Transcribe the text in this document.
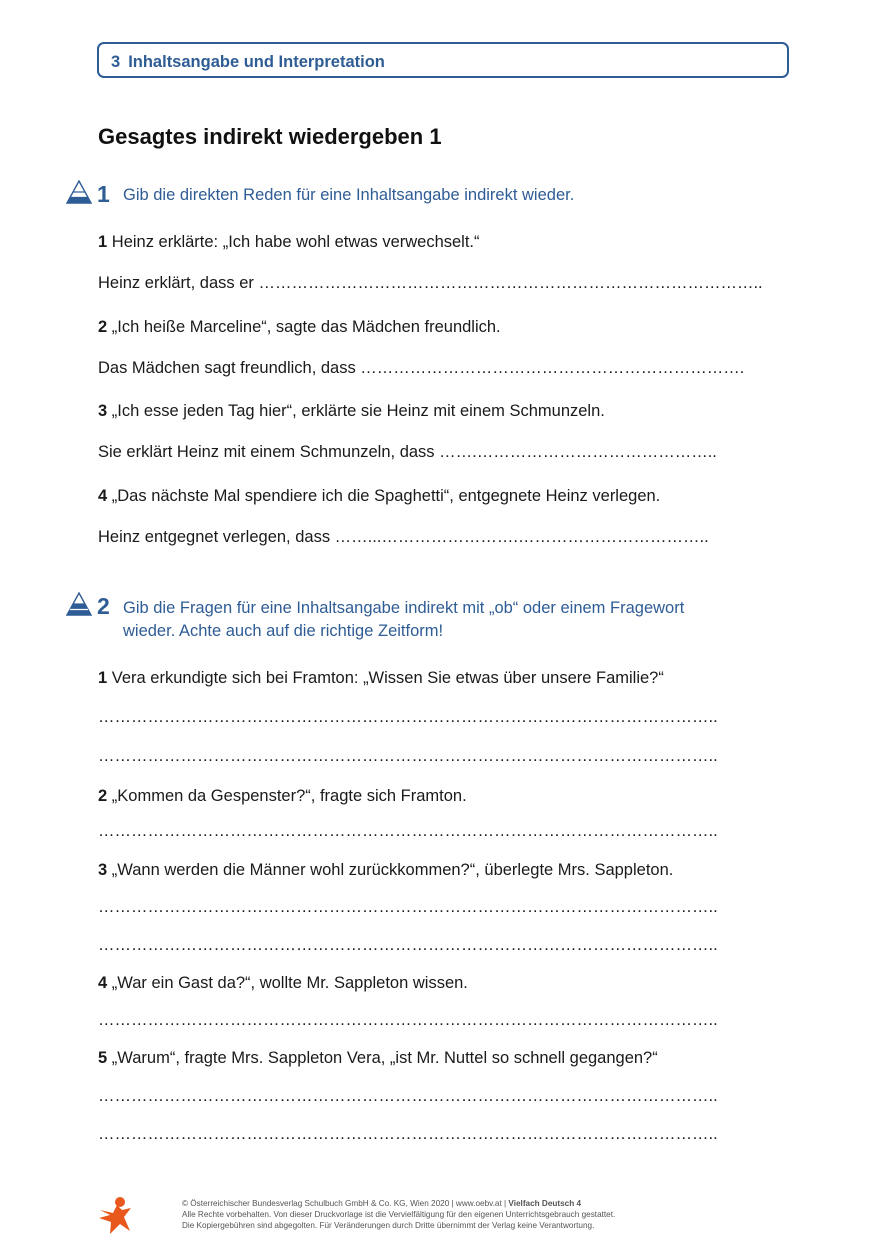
3 Inhaltsangabe und Interpretation
Gesagtes indirekt wiedergeben 1
1 Gib die direkten Reden für eine Inhaltsangabe indirekt wieder.
1 Heinz erklärte: „Ich habe wohl etwas verwechselt.“
Heinz erklärt, dass er ………………………………………………………………………………..
2 „Ich heiße Marceline“, sagte das Mädchen freundlich.
Das Mädchen sagt freundlich, dass …………………………………………………………….
3 „Ich esse jeden Tag hier“, erklärte sie Heinz mit einem Schmunzeln.
Sie erklärt Heinz mit einem Schmunzeln, dass …….……………………………………..
4 „Das nächste Mal spendiere ich die Spaghetti“, entgegnete Heinz verlegen.
Heinz entgegnet verlegen, dass ……...…………………….……………………………..
2 Gib die Fragen für eine Inhaltsangabe indirekt mit „ob“ oder einem Fragewort
wieder. Achte auch auf die richtige Zeitform!
1 Vera erkundigte sich bei Framton: „Wissen Sie etwas über unsere Familie?“
…………………………………………………………………………………………………..
…………………………………………………………………………………………………..
2 „Kommen da Gespenster?“, fragte sich Framton.
…………………………………………………………………………………………………..
3 „Wann werden die Männer wohl zurückkommen?“, überlegte Mrs. Sappleton.
…………………………………………………………………………………………………..
…………………………………………………………………………………………………..
4 „War ein Gast da?“, wollte Mr. Sappleton wissen.
…………………………………………………………………………………………………..
5 „Warum“, fragte Mrs. Sappleton Vera, „ist Mr. Nuttel so schnell gegangen?“
…………………………………………………………………………………………………..
…………………………………………………………………………………………………..
© Österreichischer Bundesverlag Schulbuch GmbH & Co. KG, Wien 2020 | www.oebv.at | Vielfach Deutsch 4
Alle Rechte vorbehalten. Von dieser Druckvorlage ist die Vervielfältigung für den eigenen Unterrichtsgebrauch gestattet.
Die Kopiergebühren sind abgegolten. Für Veränderungen durch Dritte übernimmt der Verlag keine Verantwortung.
